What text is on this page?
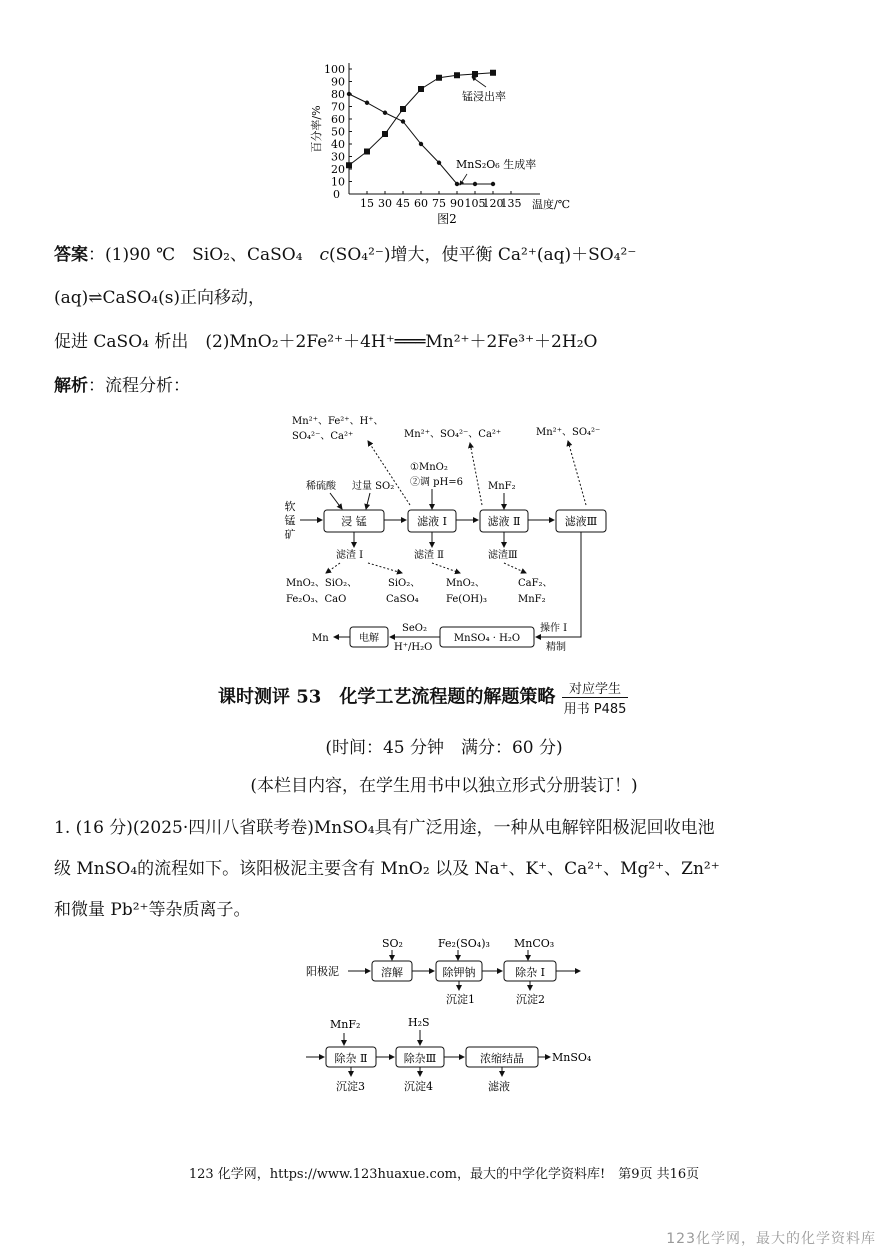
10
20
30
40
50
60
70
80
90
100
15 30 45 60 75 90 105
120
135
0
百分率/%
温度/℃
图2
锰浸出率
MnS₂O₆ 生成率
答案：(1)90 ℃　SiO₂、CaSO₄　c(SO₄²⁻)增大，使平衡 Ca²⁺(aq)＋SO₄²⁻
(aq)⇌CaSO₄(s)正向移动，
促进 CaSO₄ 析出　(2)MnO₂＋2Fe²⁺＋4H⁺═══Mn²⁺＋2Fe³⁺＋2H₂O
解析：流程分析：
软锰矿
浸 锰	滤液 Ⅰ	滤液 Ⅱ	滤液Ⅲ
稀硫酸 过量 SO₂
①MnO₂
②调 pH=6 MnF₂
Mn²⁺、Fe²⁺、H⁺、
SO₄²⁻、Ca²⁺	Mn²⁺、SO₄²⁻、Ca²⁺	Mn²⁺、SO₄²⁻
滤渣 Ⅰ	滤渣 Ⅱ	滤渣Ⅲ
MnO₂、SiO₂、
Fe₂O₃、CaO
SiO₂、
CaSO₄
MnO₂、
Fe(OH)₃
CaF₂、
MnF₂
操作 Ⅰ
精制
MnSO₄ · H₂O
SeO₂
H⁺/H₂O
电解
Mn
课时测评 53　化学工艺流程题的解题策略 $\frac{\text{对应学生}}{\text{用书 P485}}$
(时间：45 分钟　满分：60 分)
(本栏目内容，在学生用书中以独立形式分册装订！)
1. (16 分)(2025·四川八省联考卷)MnSO₄具有广泛用途，一种从电解锌阳极泥回收电池
级 MnSO₄的流程如下。该阳极泥主要含有 MnO₂ 以及 Na⁺、K⁺、Ca²⁺、Mg²⁺、Zn²⁺
和微量 Pb²⁺等杂质离子。
阳极泥
SO₂
溶解
Fe₂(SO₄)₃
除钾钠
沉淀1
MnCO₃
除杂 Ⅰ
沉淀2
MnF₂
除杂 Ⅱ
沉淀3
H₂S
除杂Ⅲ
沉淀4
浓缩结晶
滤液
MnSO₄
123 化学网，https://www.123huaxue.com，最大的中学化学资料库!　第9页 共16页
123化学网，最大的化学资料库
